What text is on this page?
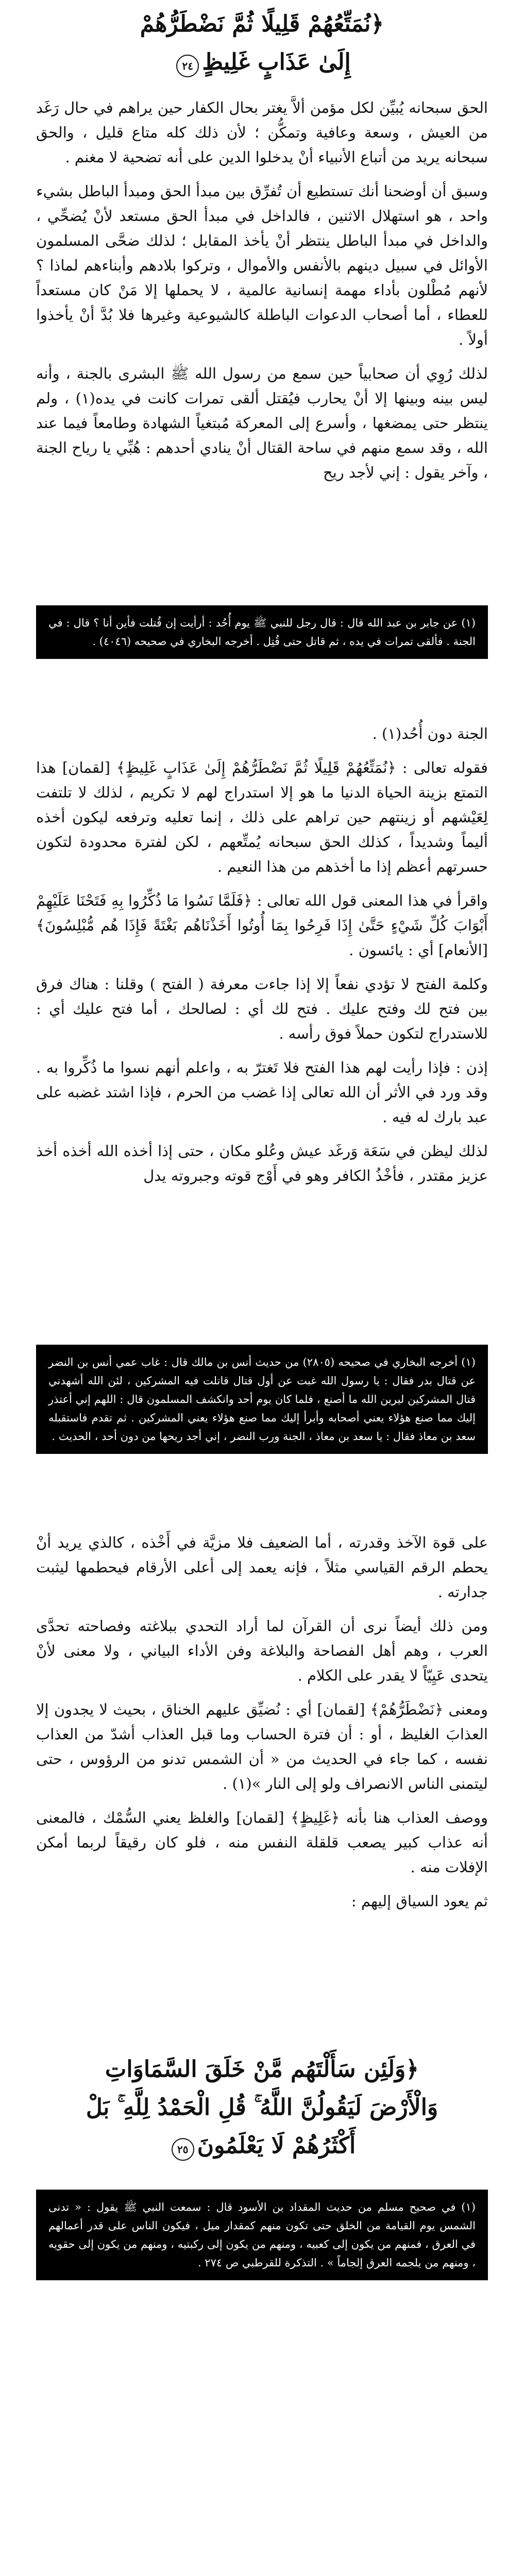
﴿نُمَتِّعُهُمْ قَلِيلًا ثُمَّ نَضْطَرُّهُمْ
إِلَىٰ عَذَابٍ غَلِيظٍ٢٤

الحق سبحانه يُبيِّن لكل مؤمن ألاَّ يغتر بحال الكفار حين يراهم في حال رَغَد من العيش ، وسعة وعافية وتمكُّن ؛ لأن ذلك كله متاع قليل ، والحق سبحانه يريد من أتباع الأنبياء أنْ يدخلوا الدين على أنه تضحية لا مغنم .

وسبق أن أوضحنا أنك تستطيع أن تُفرِّق بين مبدأ الحق ومبدأ الباطل بشيء واحد ، هو استهلال الاثنين ، فالداخل في مبدأ الحق مستعد لأنْ يُضحِّي ، والداخل في مبدأ الباطل ينتظر أنْ يأخذ المقابل ؛ لذلك ضحَّى المسلمون الأوائل في سبيل دينهم بالأنفس والأموال ، وتركوا بلادهم وأبناءهم لماذا ؟ لأنهم مُطْلون بأداء مهمة إنسانية عالمية ، لا يحملها إلا مَنْ كان مستعداً للعطاء ، أما أصحاب الدعوات الباطلة كالشيوعية وغيرها فلا بُدَّ أنْ يأخذوا أولاً .

لذلك رُوِي أن صحابياً حين سمع من رسول الله ﷺ البشرى بالجنة ، وأنه ليس بينه وبينها إلا أنْ يحارب فيُقتل ألقى تمرات كانت في يده(١) ، ولم ينتظر حتى يمضغها ، وأسرع إلى المعركة مُبتغياً الشهادة وطامعاً فيما عند الله ، وقد سمع منهم في ساحة القتال أنْ ينادي أحدهم : هُبِّي يا رياح الجنة ، وآخر يقول : إني لأجد ريح

(١) عن جابر بن عبد الله قال : قال رجل للنبي ﷺ يوم أُحُد : أرأيت إن قُتلت فأين أنا ؟ قال : في الجنة . فألقى تمرات في يده ، ثم قاتل حتى قُتِل . أخرجه البخاري في صحيحه (٤٠٤٦) .

الجنة دون أُحُد(١) .

فقوله تعالى : ﴿نُمَتِّعُهُمْ قَلِيلًا ثُمَّ نَضْطَرُّهُمْ إِلَىٰ عَذَابٍ غَلِيظٍ﴾ [لقمان] هذا التمتع بزينة الحياة الدنيا ما هو إلا استدراج لهم لا تكريم ، لذلك لا تلتفت لِعَيْشهم أو زينتهم حين تراهم على ذلك ، إنما تعليه وترفعه ليكون أخذه أليماً وشديداً ، كذلك الحق سبحانه يُمتِّعهم ، لكن لفترة محدودة لتكون حسرتهم أعظم إذا ما أخذهم من هذا النعيم .

واقرأ في هذا المعنى قول الله تعالى : ﴿فَلَمَّا نَسُوا مَا ذُكِّرُوا بِهِ فَتَحْنَا عَلَيْهِمْ أَبْوَابَ كُلِّ شَيْءٍ حَتَّىٰ إِذَا فَرِحُوا بِمَا أُوتُوا أَخَذْنَاهُم بَغْتَةً فَإِذَا هُم مُّبْلِسُونَ﴾ [الأنعام] أي : يائسون .

وكلمة الفتح لا تؤدي نفعاً إلا إذا جاءت معرفة ( الفتح ) وقلنا : هناك فرق بين فتح لك وفتح عليك . فتح لك أي : لصالحك ، أما فتح عليك أي : للاستدراج لتكون حملاً فوق رأسه .

إذن : فإذا رأيت لهم هذا الفتح فلا تَغترّ به ، واعلم أنهم نسوا ما ذُكِّروا به . وقد ورد في الأثر أن الله تعالى إذا غضب من الحرم ، فإذا اشتد غضبه على عبد بارك له فيه .

لذلك ليظن في سَعَة وَرغَد عيش وعُلو مكان ، حتى إذا أخذه الله أخذه أخذ عزيز مقتدر ، فأخْذُ الكافر وهو في أَوْج قوته وجبروته يدل

(١) أخرجه البخاري في صحيحه (٢٨٠٥) من حديث أنس بن مالك قال : غاب عمي أنس بن النضر عن قتال بدر فقال : يا رسول الله غبت عن أول قتال قاتلت فيه المشركين ، لئن الله أشهدني قتال المشركين ليرين الله ما أصنع ، فلما كان يوم أحد وانكشف المسلمون قال : اللهم إني أعتذر إليك مما صنع هؤلاء يعني أصحابه وأبرأ إليك مما صنع هؤلاء يعني المشركين . ثم تقدم فاستقبله سعد بن معاذ فقال : يا سعد بن معاذ ، الجنة ورب النضر ، إني أجد ريحها من دون أحد ، الحديث .

على قوة الآخذ وقدرته ، أما الضعيف فلا مزيَّة في أَخْذه ، كالذي يريد أنْ يحطم الرقم القياسي مثلاً ، فإنه يعمد إلى أعلى الأرقام فيحطمها ليثبت جدارته .

ومن ذلك أيضاً نرى أن القرآن لما أراد التحدي ببلاغته وفصاحته تحدَّى العرب ، وهم أهل الفصاحة والبلاغة وفن الأداء البياني ، ولا معنى لأنْ يتحدى عَيِيّاً لا يقدر على الكلام .

ومعنى ﴿نَضْطَرُّهُمْ﴾ [لقمان] أي : نُضيِّق عليهم الخناق ، بحيث لا يجدون إلا العذابَ الغليظ ، أو : أن فترة الحساب وما قبل العذاب أشدّ من العذاب نفسه ، كما جاء في الحديث من « أن الشمس تدنو من الرؤوس ، حتى ليتمنى الناس الانصراف ولو إلى النار »(١) .

ووصف العذاب هنا بأنه ﴿غَلِيظٍ﴾ [لقمان] والغلظ يعني السُّمْك ، فالمعنى أنه عذاب كبير يصعب قلقلة النفس منه ، فلو كان رقيقاً لربما أمكن الإفلات منه .

ثم يعود السياق إليهم :

﴿وَلَئِن سَأَلْتَهُم مَّنْ خَلَقَ السَّمَاوَاتِ
وَالْأَرْضَ لَيَقُولُنَّ اللَّهُ ۚ قُلِ الْحَمْدُ لِلَّهِ ۚ بَلْ
أَكْثَرُهُمْ لَا يَعْلَمُونَ٢٥

(١) في صحيح مسلم من حديث المقداد بن الأسود قال : سمعت النبي ﷺ يقول : « تدنى الشمس يوم القيامة من الخلق حتى تكون منهم كمقدار ميل ، فيكون الناس على قدر أعمالهم في العرق ، فمنهم من يكون إلى كعبيه ، ومنهم من يكون إلى ركبتيه ، ومنهم من يكون إلى حقويه ، ومنهم من يلجمه العرق إلجاماً » . التذكرة للقرطبي ص ٢٧٤ .
